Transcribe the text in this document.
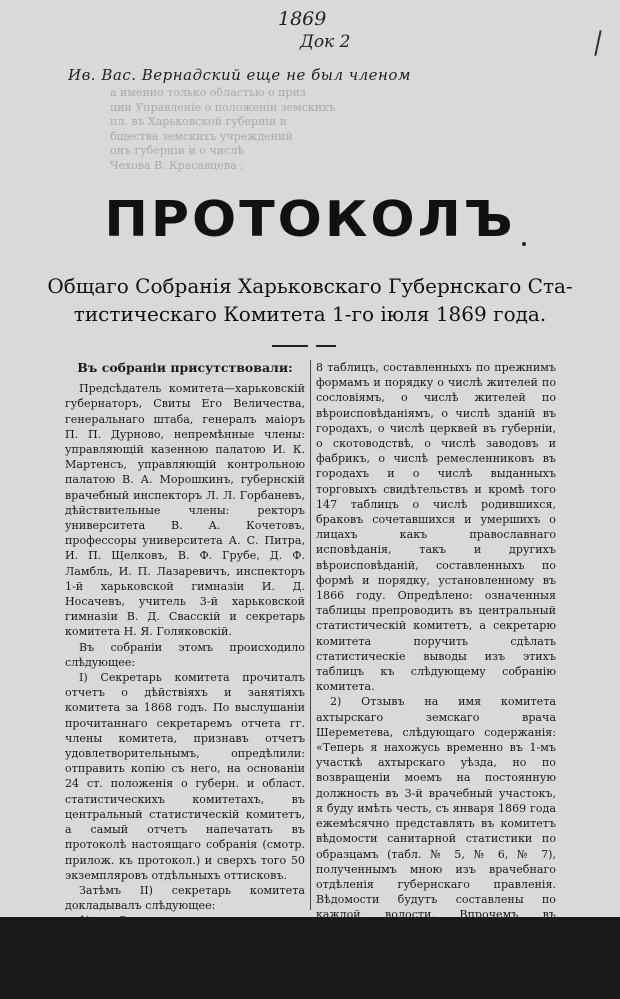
1869
Док 2
Ив. Вас. Вернадский еще не был членом
а именно только областью о приз
ции Управленіе о положеніи земскихъ
пл. въ Харьковской губерніи и
бщества земскихъ учреждений
онъ губерніи и о числѣ
Чехова В. Красавцева ;
ПРОТОКОЛЪ
Общаго Собранія Харьковскаго Губернскаго Ста-
тистическаго Комитета 1-го іюля 1869 года.

Въ собраніи присутствовали:

Предсѣдатель комитета—харьковскій губернаторъ, Свиты Его Величества, генеральнаго штаба, генералъ маіоръ П. П. Дурново, непремѣнные члены: управляющій казенною палатою И. К. Мартенсъ, управляющій контрольною палатою В. А. Морошкинъ, губернскій врачебный инспекторъ Л. Л. Горбаневъ, дѣйствительные члены: ректоръ университета В. А. Кочетовъ, профессоры университета А. С. Питра, И. П. Щелковъ, В. Ф. Грубе, Д. Ф. Ламбль, И. П. Лазаревичъ, инспекторъ 1-й харьковской гимназіи И. Д. Носачевъ, учитель 3-й харьковской гимназіи В. Д. Свасскій и секретарь комитета Н. Я. Голяковскій.

Въ собраніи этомъ происходило слѣдующее:

I) Секретарь комитета прочиталъ отчетъ о дѣйствіяхъ и занятіяхъ комитета за 1868 годъ. По выслушаніи прочитаннаго секретаремъ отчета гг. члены комитета, признавъ отчетъ удовлетворительнымъ, опредѣлили: отправить копію съ него, на основаніи 24 ст. положенія о губерн. и област. статистическихъ комитетахъ, въ центральный статистическій комитетъ, а самый отчетъ напечатать въ протоколѣ настоящаго собранія (смотр. прилож. къ протокол.) и сверхъ того 50 экземпляровъ отдѣльныхъ оттисковъ.

Затѣмъ II) секретарь комитета докладывалъ слѣдующее:

1) Составленные секретаремъ комитета статистическія таблицы по харьковской губерніи за 1868 года, а именно

8 таблицъ, составленныхъ по прежнимъ формамъ и порядку о числѣ жителей по сословіямъ, о числѣ жителей по вѣроисповѣданіямъ, о числѣ зданій въ городахъ, о числѣ церквей въ губерніи, о скотоводствѣ, о числѣ заводовъ и фабрикъ, о числѣ ремесленниковъ въ городахъ и о числѣ выданныхъ торговыхъ свидѣтельствъ и кромѣ того 147 таблицъ о числѣ родившихся, браковъ сочетавшихся и умершихъ о лицахъ какъ православнаго исповѣданія, такъ и другихъ вѣроисповѣданій, составленныхъ по формѣ и порядку, установленному въ 1866 году. Опредѣлено: означенныя таблицы препроводить въ центральный статистическій комитетъ, а секретарю комитета поручить сдѣлать статистическіе выводы изъ этихъ таблицъ къ слѣдующему собранію комитета.

2) Отзывъ на имя комитета ахтырскаго земскаго врача Шереметева, слѣдующаго содержанія: «Теперь я нахожусь временно въ 1-мъ участкѣ ахтырскаго уѣзда, но по возвращеніи моемъ на постоянную должность въ 3-й врачебный участокъ, я буду имѣть честь, съ января 1869 года ежемѣсячно представлять въ комитетъ вѣдомости санитарной статистики по образцамъ (табл. № 5, № 6, № 7), полученнымъ мною изъ врачебнаго отдѣленія губернскаго правленія. Вѣдомости будутъ составлены по каждой волости. Впрочемъ въ присланныхъ таблицахъ не совсѣмъ ясно видно: нужно ли составлять вѣдомости непремѣнно по каждому селенію особо, съ означеніемъ къ какой волости оно
